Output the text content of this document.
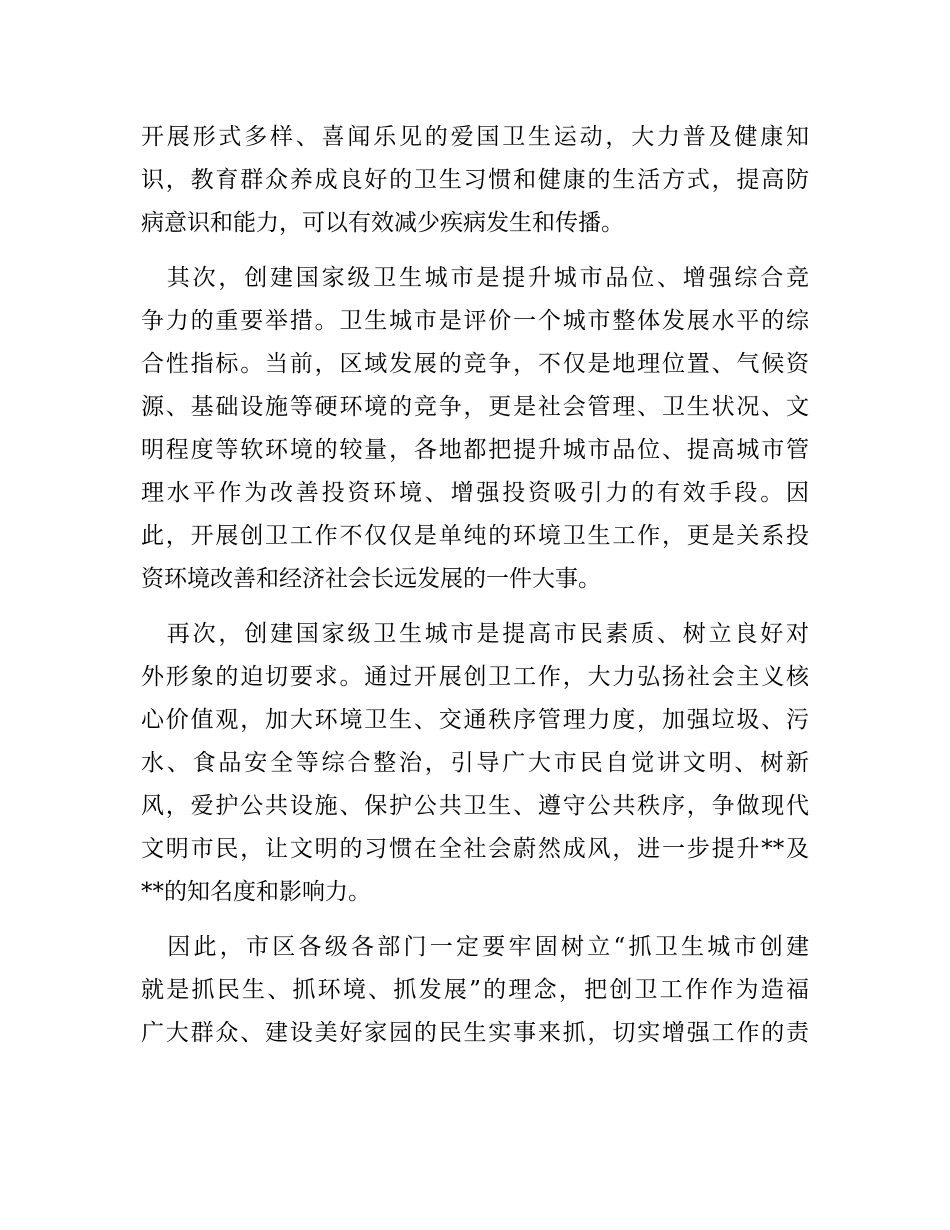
开展形式多样、喜闻乐见的爱国卫生运动，大力普及健康知
识，教育群众养成良好的卫生习惯和健康的生活方式，提高防
病意识和能力，可以有效减少疾病发生和传播。

　其次，创建国家级卫生城市是提升城市品位、增强综合竞
争力的重要举措。卫生城市是评价一个城市整体发展水平的综
合性指标。当前，区域发展的竞争，不仅是地理位置、气候资
源、基础设施等硬环境的竞争，更是社会管理、卫生状况、文
明程度等软环境的较量，各地都把提升城市品位、提高城市管
理水平作为改善投资环境、增强投资吸引力的有效手段。因
此，开展创卫工作不仅仅是单纯的环境卫生工作，更是关系投
资环境改善和经济社会长远发展的一件大事。

　再次，创建国家级卫生城市是提高市民素质、树立良好对
外形象的迫切要求。通过开展创卫工作，大力弘扬社会主义核
心价值观，加大环境卫生、交通秩序管理力度，加强垃圾、污
水、食品安全等综合整治，引导广大市民自觉讲文明、树新
风，爱护公共设施、保护公共卫生、遵守公共秩序，争做现代
文明市民，让文明的习惯在全社会蔚然成风，进一步提升**及
**的知名度和影响力。

　因此，市区各级各部门一定要牢固树立“抓卫生城市创建
就是抓民生、抓环境、抓发展”的理念，把创卫工作作为造福
广大群众、建设美好家园的民生实事来抓，切实增强工作的责
